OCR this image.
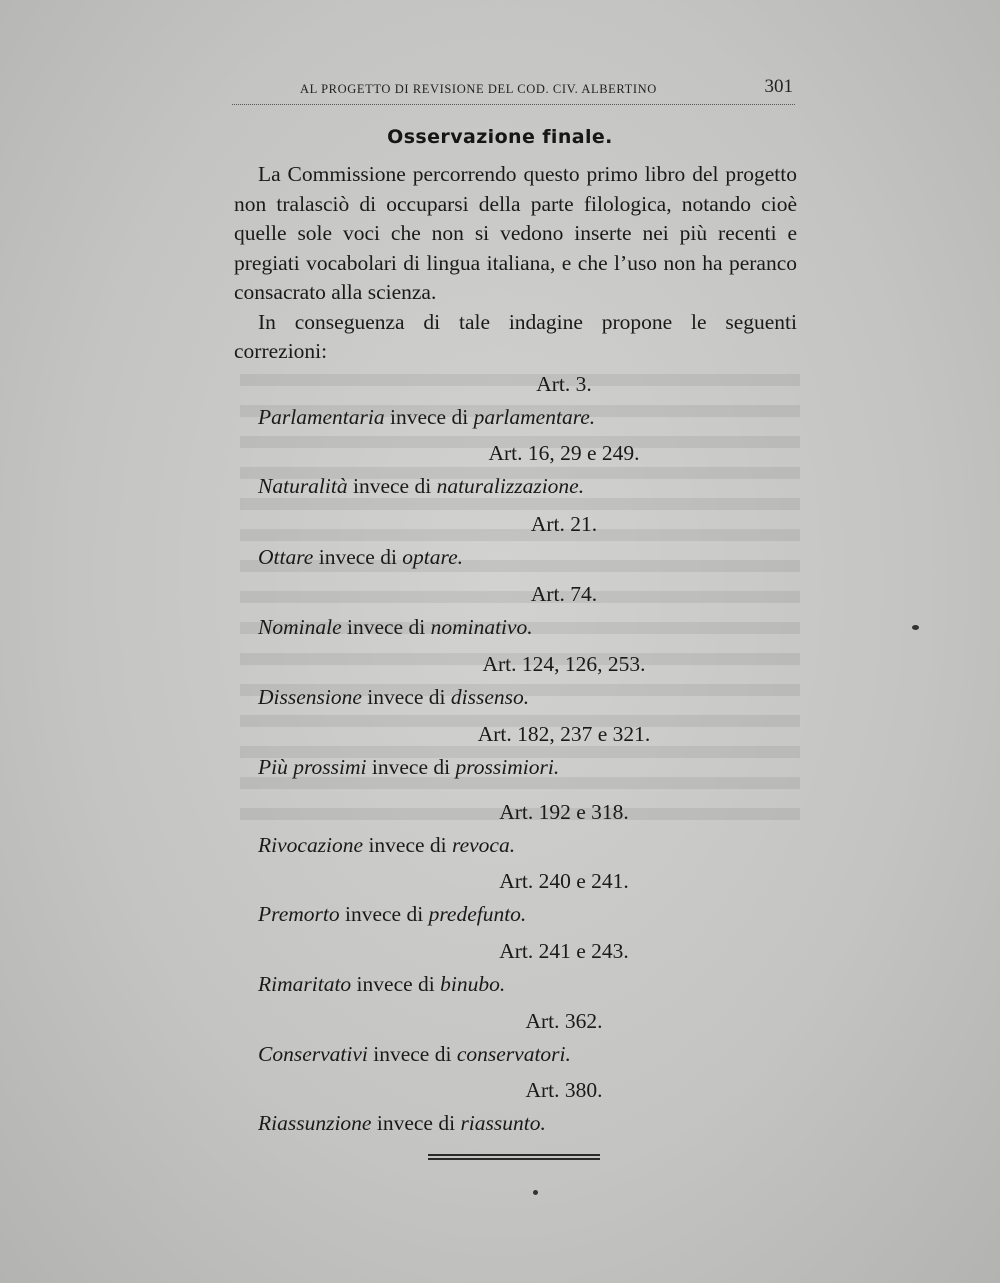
AL PROGETTO DI REVISIONE DEL COD. CIV. ALBERTINO	301
Osservazione finale.

La Commissione percorrendo questo primo libro del progetto non tralasciò di occuparsi della parte filologica, notando cioè quelle sole voci che non si vedono inserte nei più recenti e pregiati vocabolari di lingua italiana, e che l’uso non ha peranco consacrato alla scienza.

In conseguenza di tale indagine propone le seguenti correzioni:

Art. 3.
Parlamentaria invece di parlamentare.
Art. 16, 29 e 249.
Naturalità invece di naturalizzazione.
Art. 21.
Ottare invece di optare.
Art. 74.
Nominale invece di nominativo.
Art. 124, 126, 253.
Dissensione invece di dissenso.
Art. 182, 237 e 321.
Più prossimi invece di prossimiori.
Art. 192 e 318.
Rivocazione invece di revoca.
Art. 240 e 241.
Premorto invece di predefunto.
Art. 241 e 243.
Rimaritato invece di binubo.
Art. 362.
Conservativi invece di conservatori.
Art. 380.
Riassunzione invece di riassunto.
